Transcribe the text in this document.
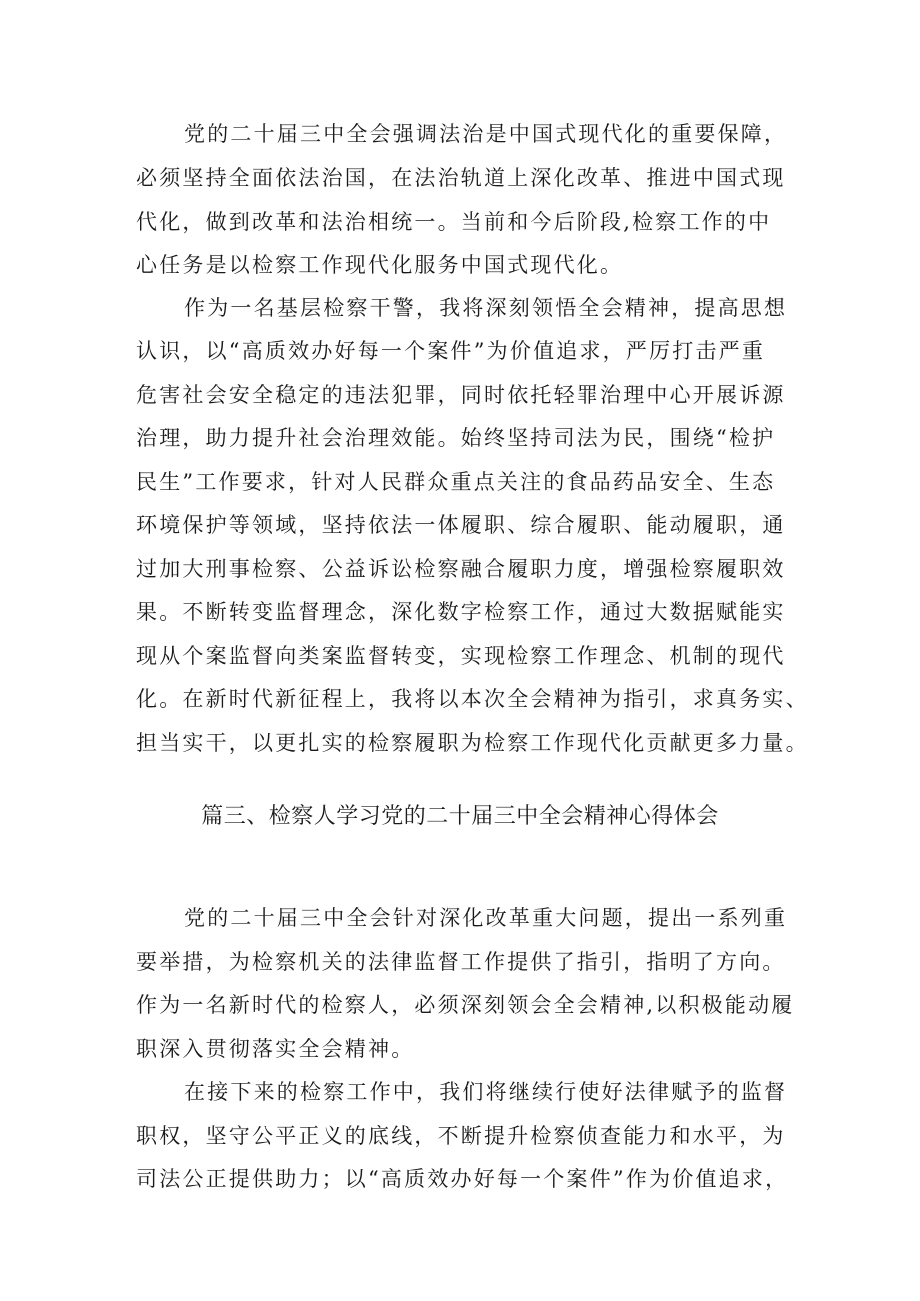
党的二十届三中全会强调法治是中国式现代化的重要保障，
必须坚持全面依法治国，在法治轨道上深化改革、推进中国式现
代化，做到改革和法治相统一。当前和今后阶段,检察工作的中
心任务是以检察工作现代化服务中国式现代化。
作为一名基层检察干警，我将深刻领悟全会精神，提高思想
认识，以“高质效办好每一个案件”为价值追求，严厉打击严重
危害社会安全稳定的违法犯罪，同时依托轻罪治理中心开展诉源
治理，助力提升社会治理效能。始终坚持司法为民，围绕“检护
民生”工作要求，针对人民群众重点关注的食品药品安全、生态
环境保护等领域，坚持依法一体履职、综合履职、能动履职，通
过加大刑事检察、公益诉讼检察融合履职力度，增强检察履职效
果。不断转变监督理念，深化数字检察工作，通过大数据赋能实
现从个案监督向类案监督转变，实现检察工作理念、机制的现代
化。在新时代新征程上，我将以本次全会精神为指引，求真务实、
担当实干，以更扎实的检察履职为检察工作现代化贡献更多力量。
篇三、检察人学习党的二十届三中全会精神心得体会
党的二十届三中全会针对深化改革重大问题，提出一系列重
要举措，为检察机关的法律监督工作提供了指引，指明了方向。
作为一名新时代的检察人，必须深刻领会全会精神,以积极能动履
职深入贯彻落实全会精神。
在接下来的检察工作中，我们将继续行使好法律赋予的监督
职权，坚守公平正义的底线，不断提升检察侦查能力和水平，为
司法公正提供助力；以“高质效办好每一个案件”作为价值追求，
